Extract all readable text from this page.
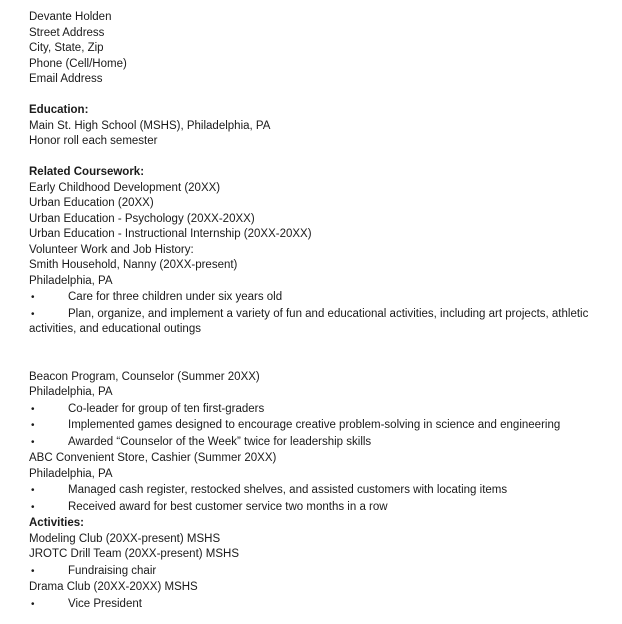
Devante Holden
Street Address
City, State, Zip
Phone (Cell/Home)
Email Address
Education:
Main St. High School (MSHS), Philadelphia, PA
Honor roll each semester
Related Coursework:
Early Childhood Development (20XX)
Urban Education (20XX)
Urban Education - Psychology (20XX-20XX)
Urban Education - Instructional Internship (20XX-20XX)
Volunteer Work and Job History:
Smith Household, Nanny (20XX-present)
Philadelphia, PA
•	Care for three children under six years old
•	Plan, organize, and implement a variety of fun and educational activities, including art projects, athletic activities, and educational outings
Beacon Program, Counselor (Summer 20XX)
Philadelphia, PA
•	Co-leader for group of ten first-graders
•	Implemented games designed to encourage creative problem-solving in science and engineering
•	Awarded “Counselor of the Week” twice for leadership skills
ABC Convenient Store, Cashier (Summer 20XX)
Philadelphia, PA
•	Managed cash register, restocked shelves, and assisted customers with locating items
•	Received award for best customer service two months in a row
Activities:
Modeling Club (20XX-present) MSHS
JROTC Drill Team (20XX-present) MSHS
•	Fundraising chair
Drama Club (20XX-20XX) MSHS
•	Vice President
